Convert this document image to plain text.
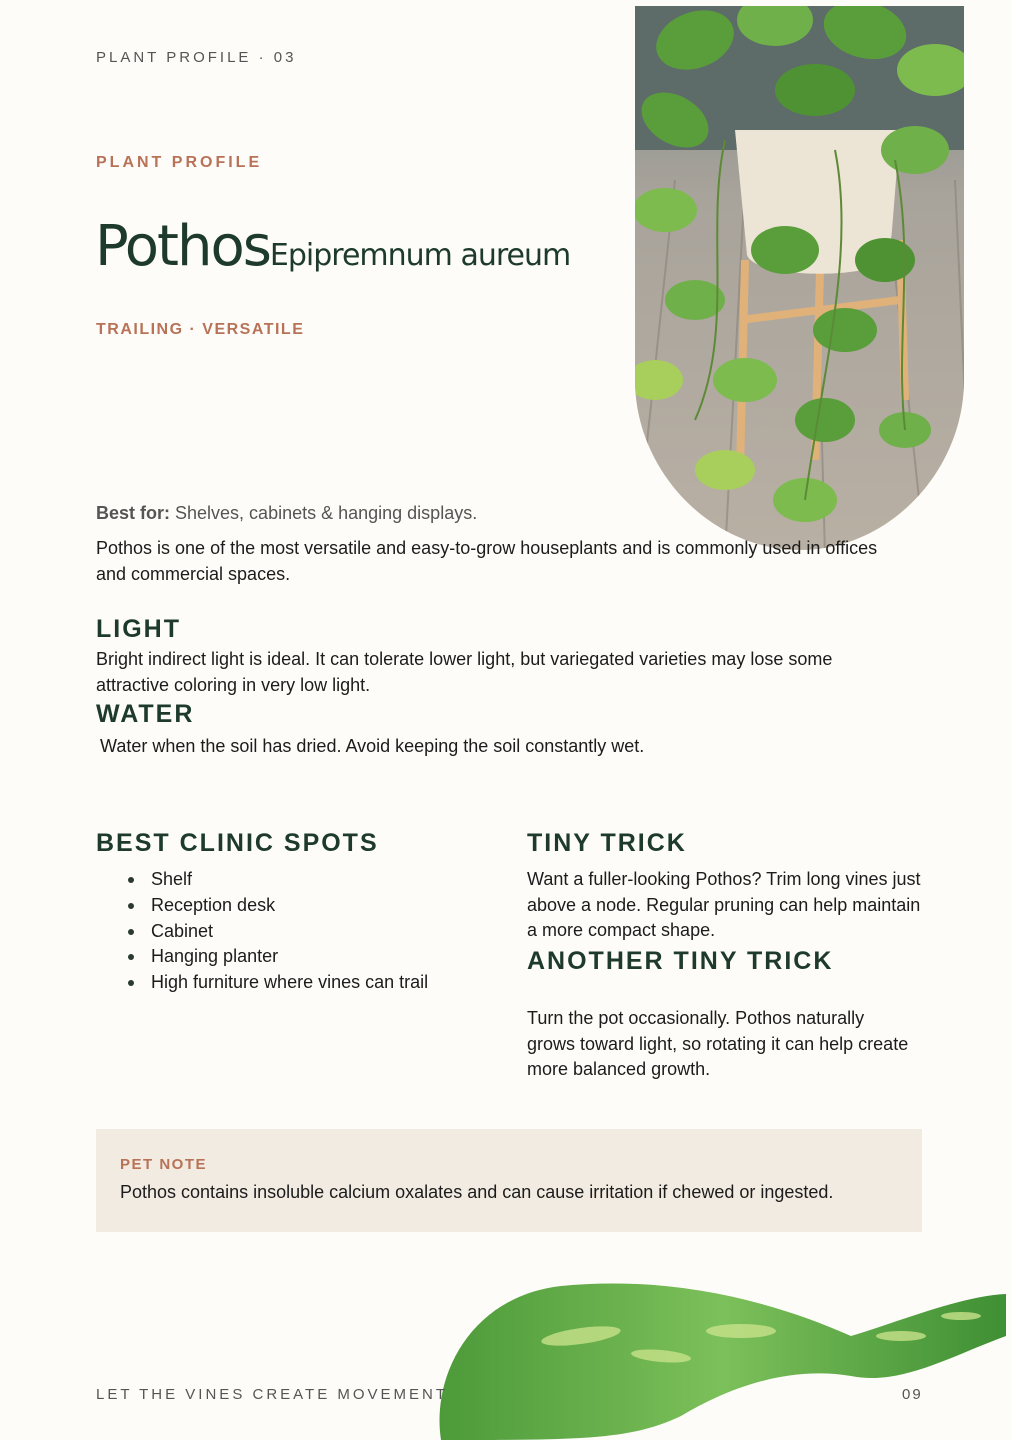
PLANT PROFILE · 03
PLANT PROFILE
PothosEpipremnum aureum
TRAILING · VERSATILE
Best for: Shelves, cabinets & hanging displays.
Pothos is one of the most versatile and easy-to-grow houseplants and is commonly used in offices and commercial spaces.
LIGHT
Bright indirect light is ideal. It can tolerate lower light, but variegated varieties may lose some attractive coloring in very low light.
WATER
Water when the soil has dried. Avoid keeping the soil constantly wet.
BEST CLINIC SPOTS
Shelf
Reception desk
Cabinet
Hanging planter
High furniture where vines can trail
TINY TRICK
Want a fuller-looking Pothos? Trim long vines just above a node. Regular pruning can help maintain a more compact shape.
ANOTHER TINY TRICK
Turn the pot occasionally. Pothos naturally grows toward light, so rotating it can help create more balanced growth.
PET NOTE
Pothos contains insoluble calcium oxalates and can cause irritation if chewed or ingested.
LET THE VINES CREATE MOVEMENT	09
